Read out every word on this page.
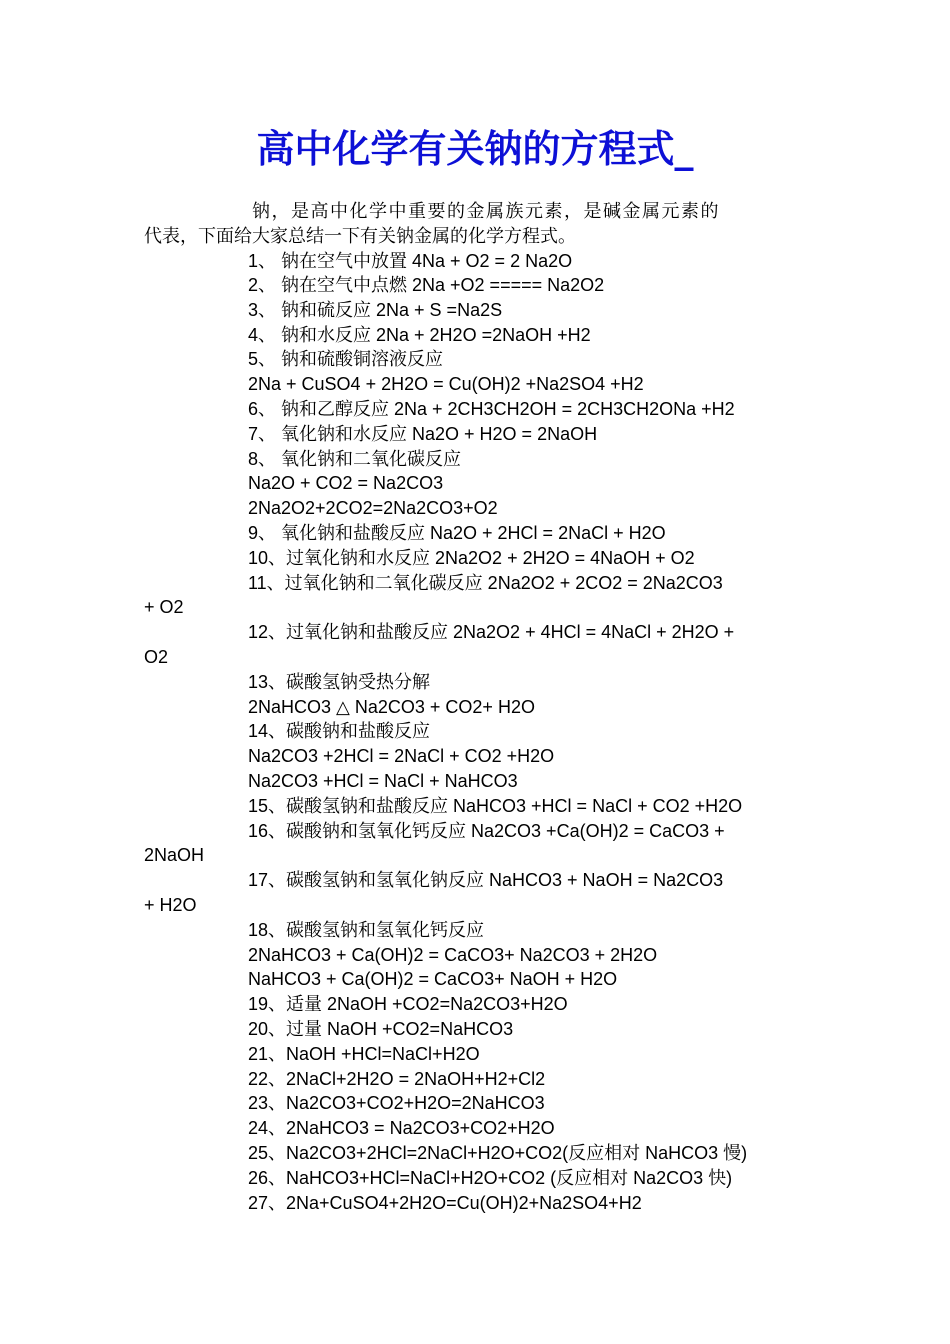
高中化学有关钠的方程式_
钠，是高中化学中重要的金属族元素，是碱金属元素的
代表，下面给大家总结一下有关钠金属的化学方程式。
1、 钠在空气中放置 4Na + O2 = 2 Na2O
2、 钠在空气中点燃 2Na +O2 ===== Na2O2
3、 钠和硫反应 2Na + S =Na2S
4、 钠和水反应 2Na + 2H2O =2NaOH +H2
5、 钠和硫酸铜溶液反应
2Na + CuSO4 + 2H2O = Cu(OH)2 +Na2SO4 +H2
6、 钠和乙醇反应 2Na + 2CH3CH2OH = 2CH3CH2ONa +H2
7、 氧化钠和水反应 Na2O + H2O = 2NaOH
8、 氧化钠和二氧化碳反应
Na2O + CO2 = Na2CO3
2Na2O2+2CO2=2Na2CO3+O2
9、 氧化钠和盐酸反应 Na2O + 2HCl = 2NaCl + H2O
10、过氧化钠和水反应 2Na2O2 + 2H2O = 4NaOH + O2
11、过氧化钠和二氧化碳反应 2Na2O2 + 2CO2 = 2Na2CO3
+ O2
12、过氧化钠和盐酸反应 2Na2O2 + 4HCl = 4NaCl + 2H2O +
O2
13、碳酸氢钠受热分解
2NaHCO3 △ Na2CO3 + CO2+ H2O
14、碳酸钠和盐酸反应
Na2CO3 +2HCl = 2NaCl + CO2 +H2O
Na2CO3 +HCl = NaCl + NaHCO3
15、碳酸氢钠和盐酸反应 NaHCO3 +HCl = NaCl + CO2 +H2O
16、碳酸钠和氢氧化钙反应 Na2CO3 +Ca(OH)2 = CaCO3 +
2NaOH
17、碳酸氢钠和氢氧化钠反应 NaHCO3 + NaOH = Na2CO3
+ H2O
18、碳酸氢钠和氢氧化钙反应
2NaHCO3 + Ca(OH)2 = CaCO3+ Na2CO3 + 2H2O
NaHCO3 + Ca(OH)2 = CaCO3+ NaOH + H2O
19、适量 2NaOH +CO2=Na2CO3+H2O
20、过量 NaOH +CO2=NaHCO3
21、NaOH +HCl=NaCl+H2O
22、2NaCl+2H2O = 2NaOH+H2+Cl2
23、Na2CO3+CO2+H2O=2NaHCO3
24、2NaHCO3 = Na2CO3+CO2+H2O
25、Na2CO3+2HCl=2NaCl+H2O+CO2(反应相对 NaHCO3 慢)
26、NaHCO3+HCl=NaCl+H2O+CO2 (反应相对 Na2CO3 快)
27、2Na+CuSO4+2H2O=Cu(OH)2+Na2SO4+H2
